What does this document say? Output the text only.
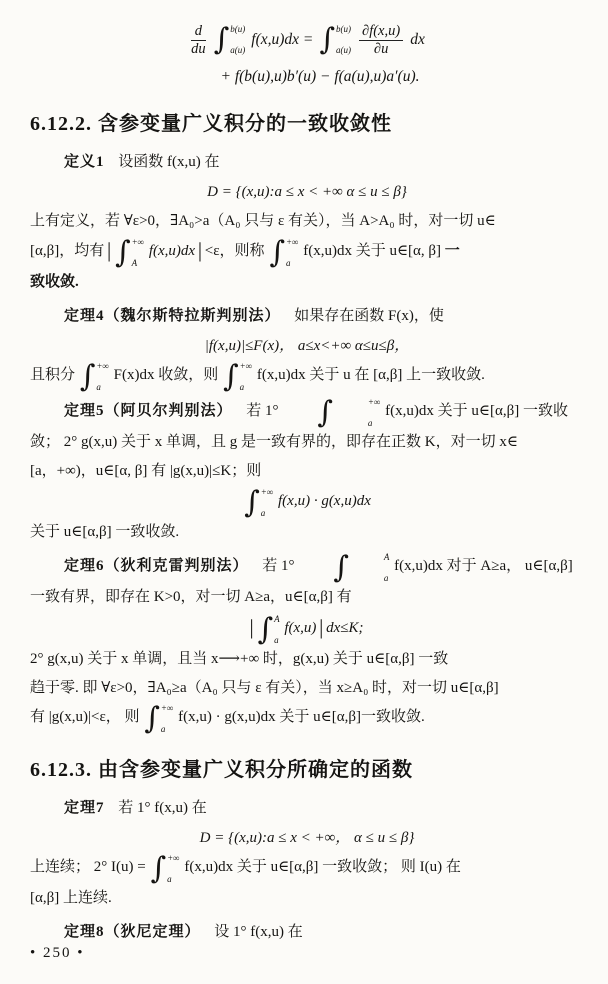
$\frac{d}{du}$ ∫ b(u)
a(u)
f(x,u)dx = ∫ b(u)
$a(u) \frac{\partial f(x,u)}{\partial u}$ dx
+ f(b(u),u)b′(u) − f(a(u),u)a′(u).
6.12.2. 含参变量广义积分的一致收敛性
定义1 设函数 f(x,u) 在
D = {(x,u):a ≤ x < +∞ α ≤ u ≤ β}
上有定义，若 ∀ε>0，∃A₀>a（A₀ 只与 ε 有关），当 A>A₀ 时，对一切 u∈
[α,β]，均有 | ∫ +∞
A
f(x,u)dx | <ε，则称 ∫ +∞
a
f(x,u)dx 关于 u∈[α, β] 一
致收敛.
定理4（魏尔斯特拉斯判别法） 如果存在函数 F(x)，使
|f(x,u)|≤F(x)， a≤x<+∞ α≤u≤β，
且积分 ∫ +∞
a
F(x)dx 收敛，则 ∫ +∞
a
f(x,u)dx 关于 u 在 [α,β] 上一致收敛.
定理5（阿贝尔判别法） 若 1°	∫	+∞
a
f(x,u)dx 关于 u∈[α,β] 一致收
敛； 2° g(x,u) 关于 x 单调，且 g 是一致有界的，即存在正数 K，对一切 x∈
[a，+∞)，u∈[α, β] 有 |g(x,u)|≤K；则
∫ +∞
a
f(x,u) · g(x,u)dx
关于 u∈[α,β] 一致收敛.
定理6（狄利克雷判别法） 若 1°	∫	A
a
f(x,u)dx 对于 A≥a， u∈[α,β]
一致有界，即存在 K>0，对一切 A≥a，u∈[α,β] 有
| ∫ A
a
f(x,u) | dx≤K;
2° g(x,u) 关于 x 单调，且当 x⟶+∞ 时，g(x,u) 关于 u∈[α,β] 一致
趋于零. 即 ∀ε>0，∃A₀≥a（A₀ 只与 ε 有关），当 x≥A₀ 时，对一切 u∈[α,β]
有 |g(x,u)|<ε， 则 ∫ +∞
a
f(x,u) · g(x,u)dx 关于 u∈[α,β]一致收敛.
6.12.3. 由含参变量广义积分所确定的函数
定理7 若 1° f(x,u) 在
D = {(x,u):a ≤ x < +∞， α ≤ u ≤ β}
上连续； 2° I(u) = ∫ +∞
a
f(x,u)dx 关于 u∈[α,β] 一致收敛； 则 I(u) 在
[α,β] 上连续.
定理8（狄尼定理） 设 1° f(x,u) 在
• 250 •
